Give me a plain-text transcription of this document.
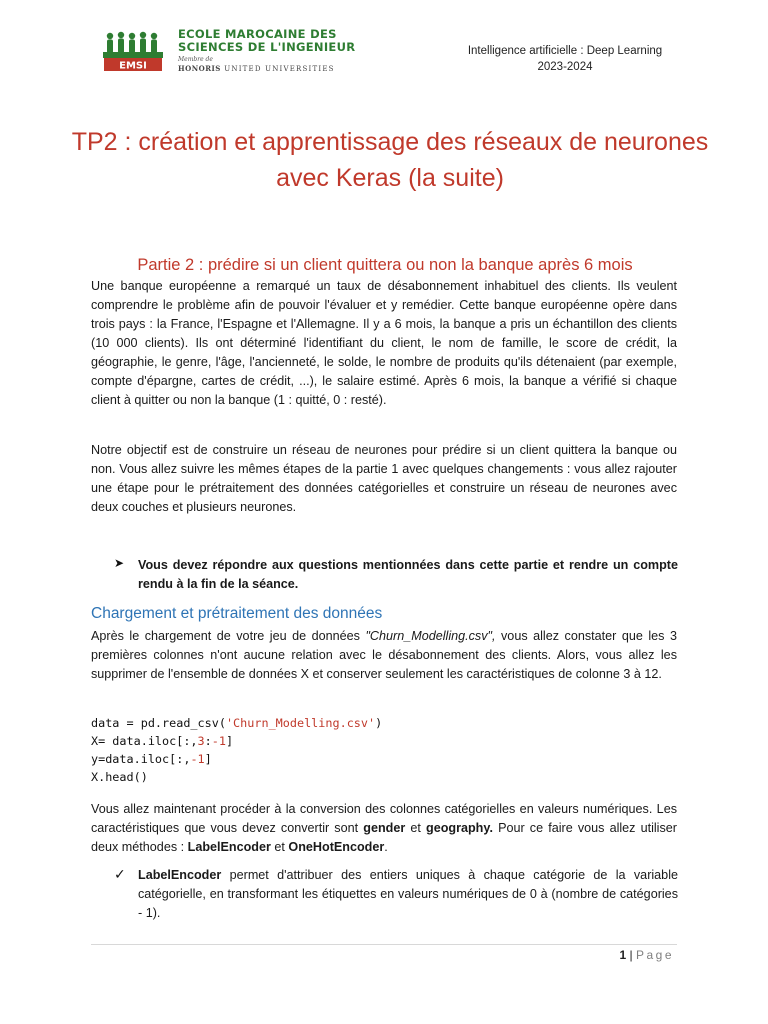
EMSI
ECOLE MAROCAINE DES
SCIENCES DE L'INGENIEUR
Membre de
HONORIS UNITED UNIVERSITIES
Intelligence artificielle : Deep Learning
2023-2024
TP2 : création et apprentissage des réseaux de neurones avec Keras (la suite)
Partie 2 : prédire si un client quittera ou non la banque après 6 mois

Une banque européenne a remarqué un taux de désabonnement inhabituel des clients. Ils veulent comprendre le problème afin de pouvoir l'évaluer et y remédier. Cette banque européenne opère dans trois pays : la France, l'Espagne et l'Allemagne. Il y a 6 mois, la banque a pris un échantillon des clients (10 000 clients). Ils ont déterminé l'identifiant du client, le nom de famille, le score de crédit, la géographie, le genre, l'âge, l'ancienneté, le solde, le nombre de produits qu'ils détenaient (par exemple, compte d'épargne, cartes de crédit, ...), le salaire estimé. Après 6 mois, la banque a vérifié si chaque client à quitter ou non la banque (1 : quitté, 0 : resté).

Notre objectif est de construire un réseau de neurones pour prédire si un client quittera la banque ou non. Vous allez suivre les mêmes étapes de la partie 1 avec quelques changements : vous allez rajouter une étape pour le prétraitement des données catégorielles et construire un réseau de neurones avec deux couches et plusieurs neurones.

➤ Vous devez répondre aux questions mentionnées dans cette partie et rendre un compte rendu à la fin de la séance.

Chargement et prétraitement des données

Après le chargement de votre jeu de données "Churn_Modelling.csv", vous allez constater que les 3 premières colonnes n'ont aucune relation avec le désabonnement des clients. Alors, vous allez les supprimer de l'ensemble de données X et conserver seulement les caractéristiques de colonne 3 à 12.

data = pd.read_csv('Churn_Modelling.csv')
X= data.iloc[:,3:-1]
y=data.iloc[:,-1]
X.head()

Vous allez maintenant procéder à la conversion des colonnes catégorielles en valeurs numériques. Les caractéristiques que vous devez convertir sont gender et geography. Pour ce faire vous allez utiliser deux méthodes : LabelEncoder et OneHotEncoder.

✓ LabelEncoder permet d'attribuer des entiers uniques à chaque catégorie de la variable catégorielle, en transformant les étiquettes en valeurs numériques de 0 à (nombre de catégories - 1).

1 | Page
